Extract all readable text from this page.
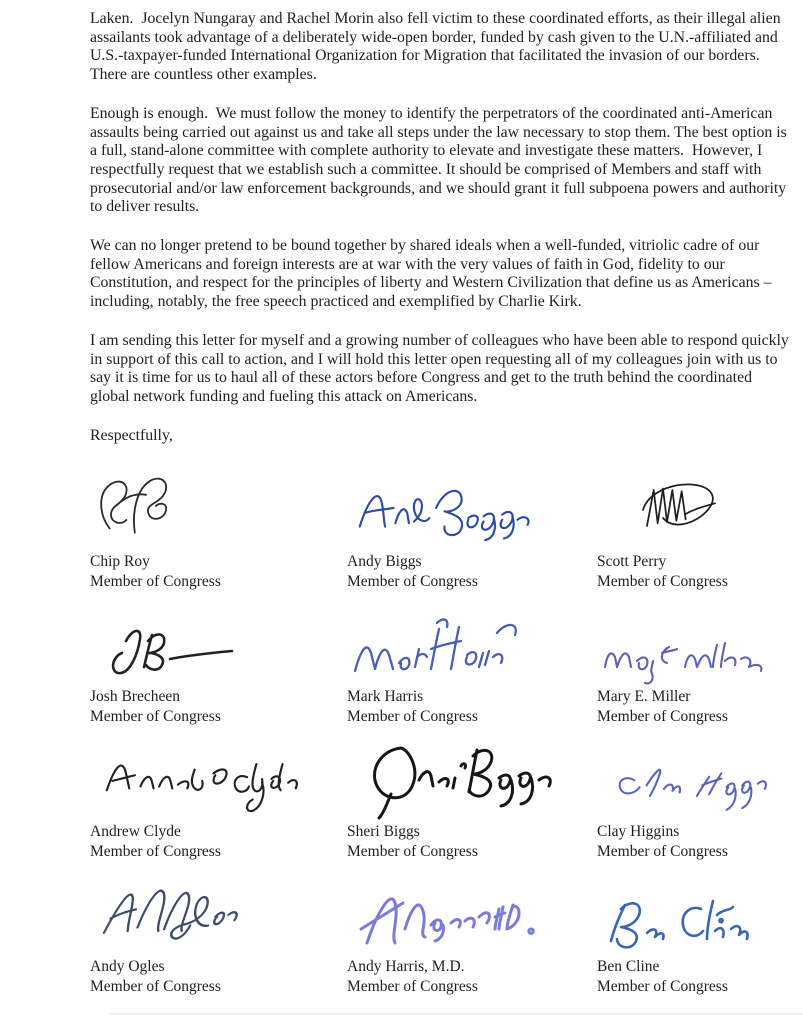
Laken.  Jocelyn Nungaray and Rachel Morin also fell victim to these coordinated efforts, as their illegal alien assailants took advantage of a deliberately wide-open border, funded by cash given to the U.N.-affiliated and U.S.-taxpayer-funded International Organization for Migration that facilitated the invasion of our borders.  There are countless other examples.

Enough is enough.  We must follow the money to identify the perpetrators of the coordinated anti-American assaults being carried out against us and take all steps under the law necessary to stop them. The best option is a full, stand-alone committee with complete authority to elevate and investigate these matters.  However, I respectfully request that we establish such a committee. It should be comprised of Members and staff with prosecutorial and/or law enforcement backgrounds, and we should grant it full subpoena powers and authority to deliver results.

We can no longer pretend to be bound together by shared ideals when a well-funded, vitriolic cadre of our fellow Americans and foreign interests are at war with the very values of faith in God, fidelity to our Constitution, and respect for the principles of liberty and Western Civilization that define us as Americans – including, notably, the free speech practiced and exemplified by Charlie Kirk.

I am sending this letter for myself and a growing number of colleagues who have been able to respond quickly in support of this call to action, and I will hold this letter open requesting all of my colleagues join with us to say it is time for us to haul all of these actors before Congress and get to the truth behind the coordinated global network funding and fueling this attack on Americans.

Respectfully,
Chip Roy
Member of Congress
Andy Biggs
Member of Congress
Scott Perry
Member of Congress
Josh Brecheen
Member of Congress
Mark Harris
Member of Congress
Mary E. Miller
Member of Congress
Andrew Clyde
Member of Congress
Sheri Biggs
Member of Congress
Clay Higgins
Member of Congress
Andy Ogles
Member of Congress
Andy Harris, M.D.
Member of Congress
Ben Cline
Member of Congress
